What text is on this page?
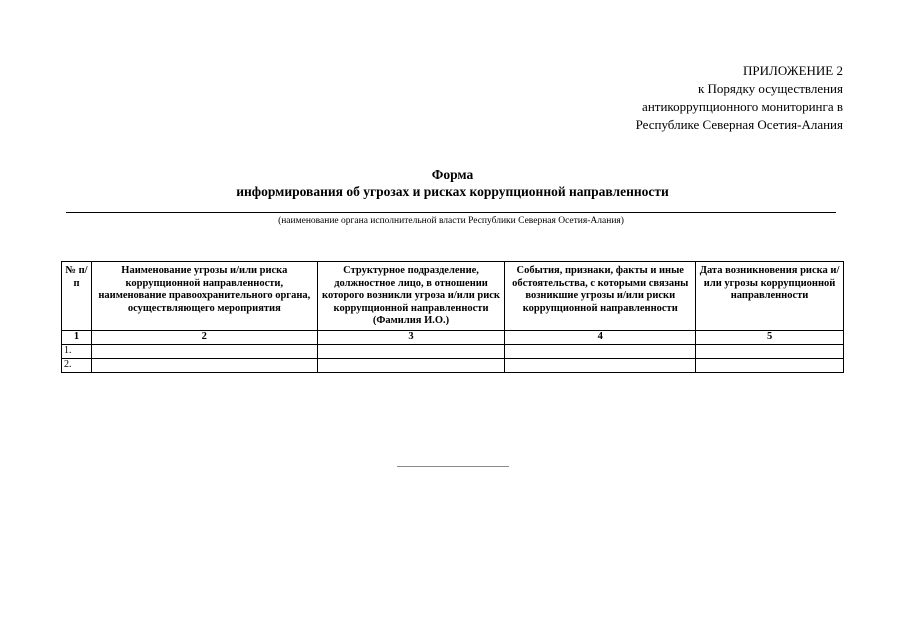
ПРИЛОЖЕНИЕ 2
к Порядку осуществления
антикоррупционного мониторинга в
Республике Северная Осетия-Алания
Форма
информирования об угрозах и рисках коррупционной направленности
(наименование органа исполнительной власти Республики Северная Осетия-Алания)
№ п/п	Наименование угрозы и/или риска коррупционной направленности, наименование правоохранительного органа, осуществляющего мероприятия	Структурное подразделение, должностное лицо, в отношении которого возникли угроза и/или риск коррупционной направленности (Фамилия И.О.)	События, признаки, факты и иные обстоятельства, с которыми связаны возникшие угрозы и/или риски коррупционной направленности	Дата возникновения риска и/или угрозы коррупционной направленности
1	2	3	4	5
1.				
2.				
